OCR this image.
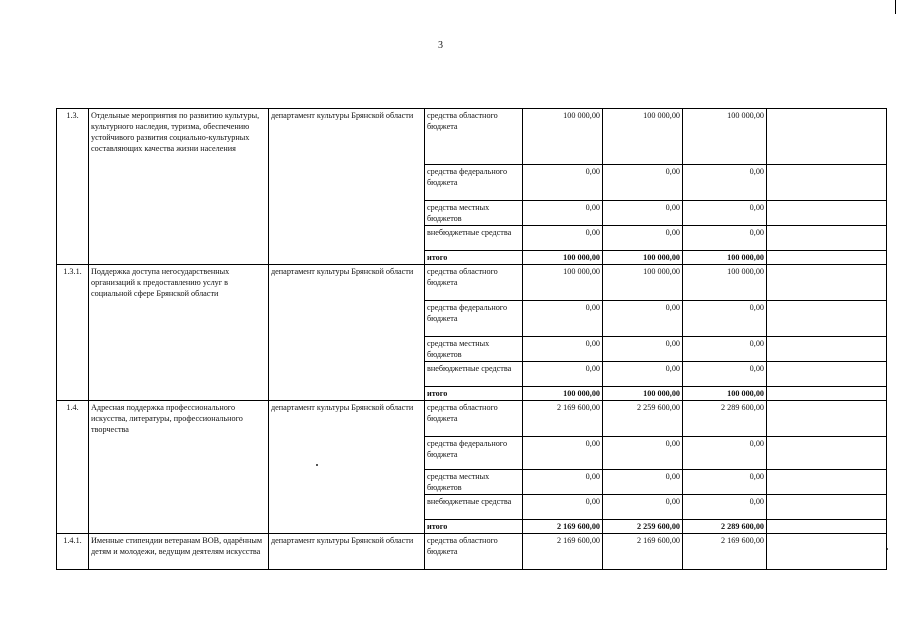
3
1.3.	Отдельные мероприятия по развитию культуры, культурного наследия, туризма, обеспечению устойчивого развития социально-культурных составляющих качества жизни населения	департамент культуры Брянской области	средства областного бюджета	100 000,00	100 000,00	100 000,00	
			средства федерального бюджета	0,00	0,00	0,00	
			средства местных бюджетов	0,00	0,00	0,00	
			внебюджетные средства	0,00	0,00	0,00	
			итого	100 000,00	100 000,00	100 000,00	
1.3.1.	Поддержка доступа негосударственных организаций к предоставлению услуг в социальной сфере Брянской области	департамент культуры Брянской области	средства областного бюджета	100 000,00	100 000,00	100 000,00	
			средства федерального бюджета	0,00	0,00	0,00	
			средства местных бюджетов	0,00	0,00	0,00	
			внебюджетные средства	0,00	0,00	0,00	
			итого	100 000,00	100 000,00	100 000,00	
1.4.	Адресная поддержка профессионального искусства, литературы, профессионального творчества	департамент культуры Брянской области	средства областного бюджета	2 169 600,00	2 259 600,00	2 289 600,00	
			средства федерального бюджета	0,00	0,00	0,00	
			средства местных бюджетов	0,00	0,00	0,00	
			внебюджетные средства	0,00	0,00	0,00	
			итого	2 169 600,00	2 259 600,00	2 289 600,00	
1.4.1.	Именные стипендии ветеранам ВОВ, одарённым детям и молодежи, ведущим деятелям искусства	департамент культуры Брянской области	средства областного бюджета	2 169 600,00	2 169 600,00	2 169 600,00	
